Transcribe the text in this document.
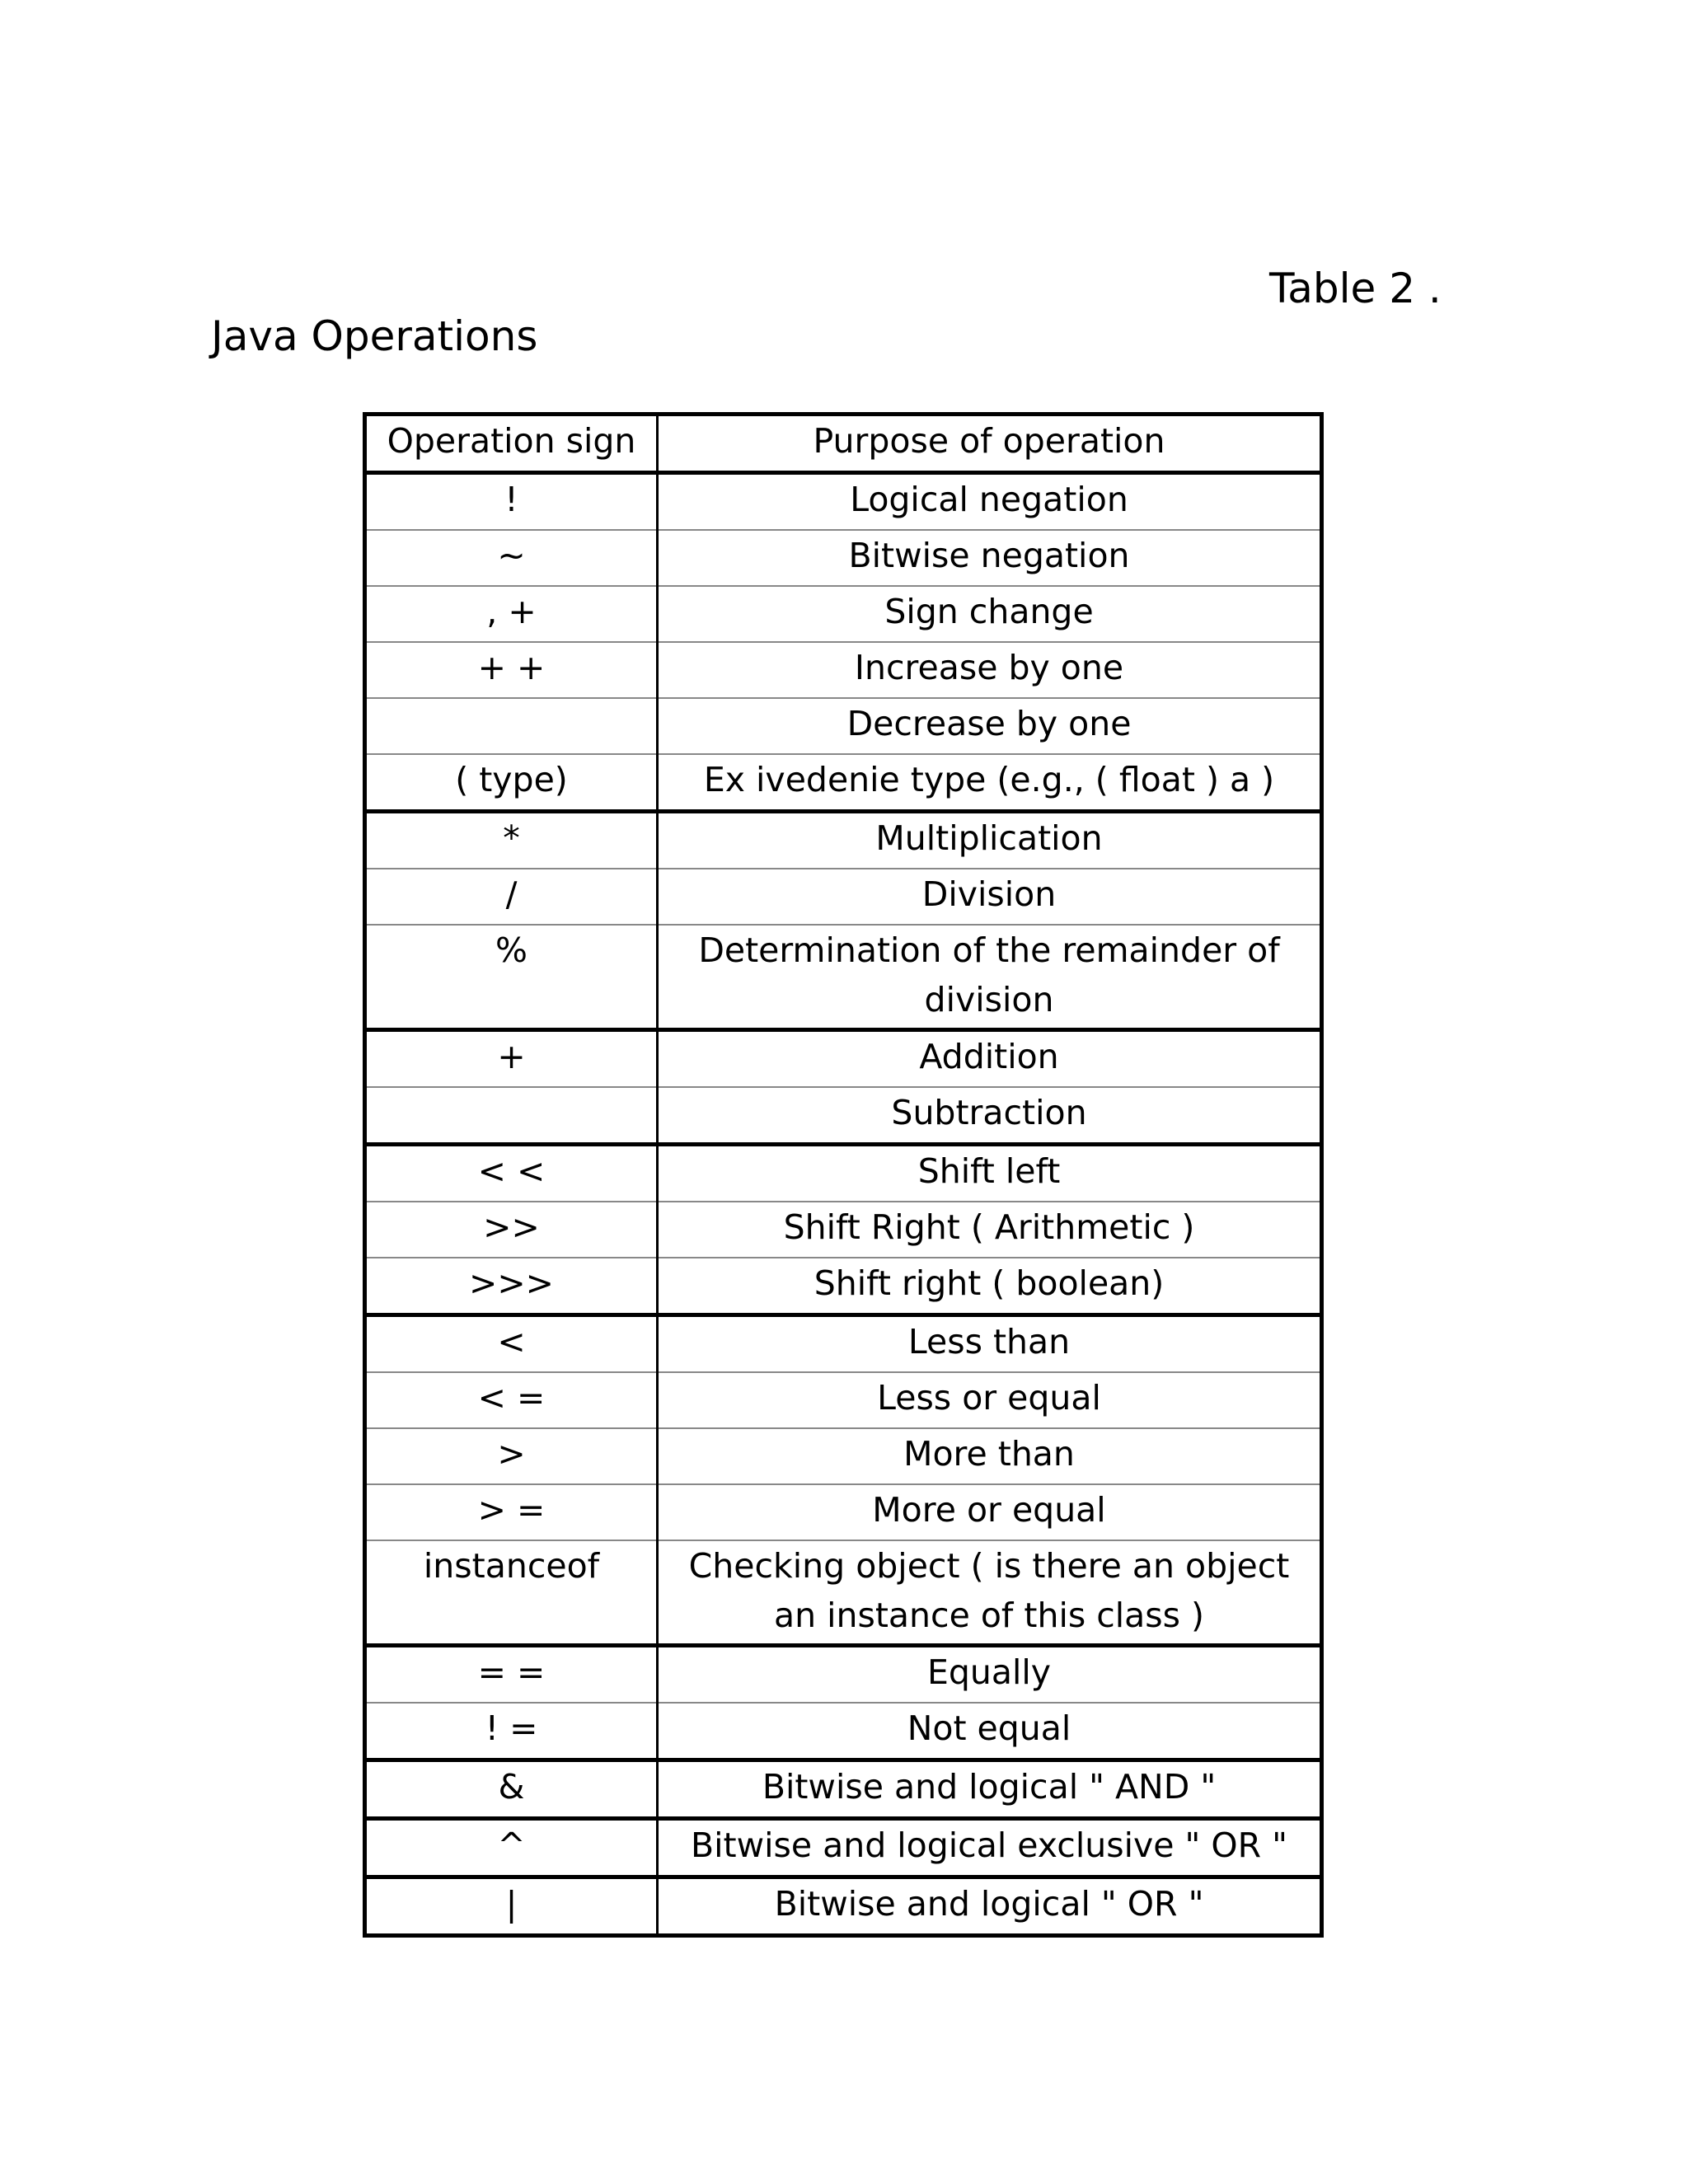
Table 2 .
Java Operations
Operation sign	Purpose of operation
!	Logical negation
~	Bitwise negation
, +	Sign change
+ +	Increase by one
	Decrease by one
( type)	Ex ivedenie type (e.g., ( float ) a )
*	Multiplication
/	Division
%	Determination of the remainder of division
+	Addition
	Subtraction
< <	Shift left
>>	Shift Right ( Arithmetic )
>>>	Shift right ( boolean)
<	Less than
< =	Less or equal
>	More than
> =	More or equal
instanceof	Checking object ( is there an object an instance of this class )
= =	Equally
! =	Not equal
&	Bitwise and logical " AND "
^	Bitwise and logical exclusive " OR "
|	Bitwise and logical " OR "
